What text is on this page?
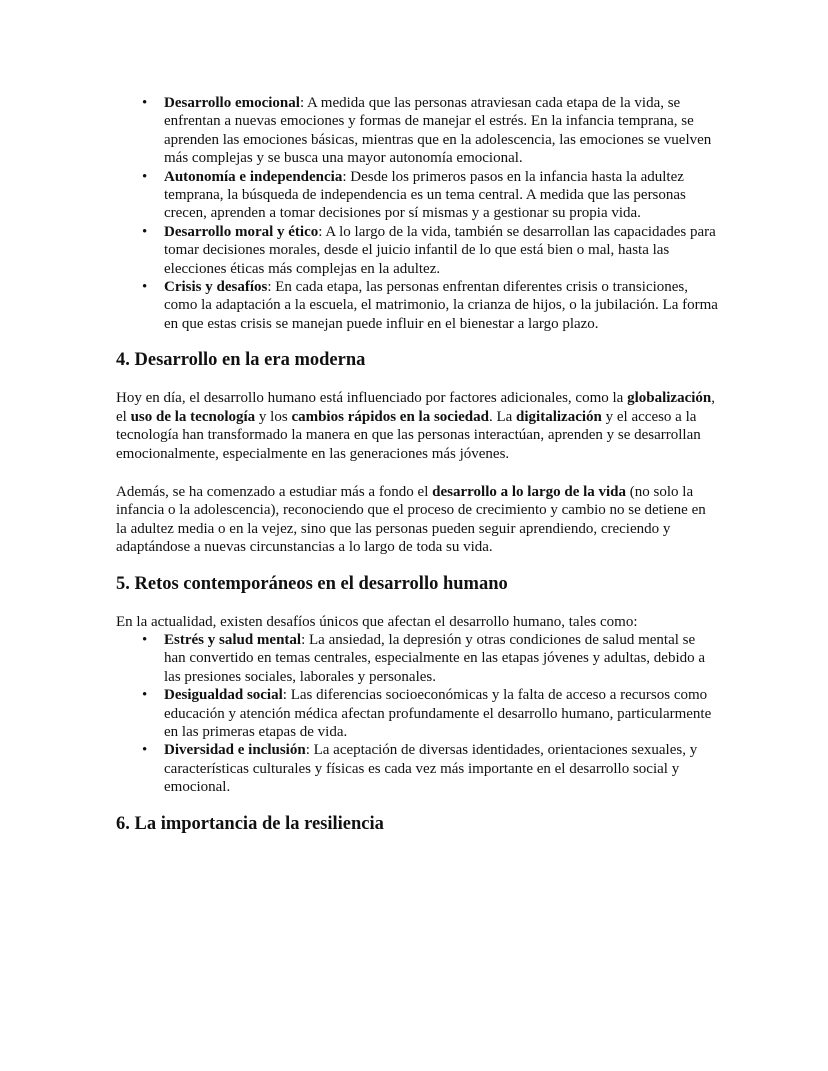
• Desarrollo emocional: A medida que las personas atraviesan cada etapa de la vida, se enfrentan a nuevas emociones y formas de manejar el estrés. En la infancia temprana, se aprenden las emociones básicas, mientras que en la adolescencia, las emociones se vuelven más complejas y se busca una mayor autonomía emocional.
• Autonomía e independencia: Desde los primeros pasos en la infancia hasta la adultez temprana, la búsqueda de independencia es un tema central. A medida que las personas crecen, aprenden a tomar decisiones por sí mismas y a gestionar su propia vida.
• Desarrollo moral y ético: A lo largo de la vida, también se desarrollan las capacidades para tomar decisiones morales, desde el juicio infantil de lo que está bien o mal, hasta las elecciones éticas más complejas en la adultez.
• Crisis y desafíos: En cada etapa, las personas enfrentan diferentes crisis o transiciones, como la adaptación a la escuela, el matrimonio, la crianza de hijos, o la jubilación. La forma en que estas crisis se manejan puede influir en el bienestar a largo plazo.
4. Desarrollo en la era moderna

Hoy en día, el desarrollo humano está influenciado por factores adicionales, como la globalización, el uso de la tecnología y los cambios rápidos en la sociedad. La digitalización y el acceso a la tecnología han transformado la manera en que las personas interactúan, aprenden y se desarrollan emocionalmente, especialmente en las generaciones más jóvenes.

Además, se ha comenzado a estudiar más a fondo el desarrollo a lo largo de la vida (no solo la infancia o la adolescencia), reconociendo que el proceso de crecimiento y cambio no se detiene en la adultez media o en la vejez, sino que las personas pueden seguir aprendiendo, creciendo y adaptándose a nuevas circunstancias a lo largo de toda su vida.

5. Retos contemporáneos en el desarrollo humano

En la actualidad, existen desafíos únicos que afectan el desarrollo humano, tales como:

• Estrés y salud mental: La ansiedad, la depresión y otras condiciones de salud mental se han convertido en temas centrales, especialmente en las etapas jóvenes y adultas, debido a las presiones sociales, laborales y personales.
• Desigualdad social: Las diferencias socioeconómicas y la falta de acceso a recursos como educación y atención médica afectan profundamente el desarrollo humano, particularmente en las primeras etapas de vida.
• Diversidad e inclusión: La aceptación de diversas identidades, orientaciones sexuales, y características culturales y físicas es cada vez más importante en el desarrollo social y emocional.
6. La importancia de la resiliencia
